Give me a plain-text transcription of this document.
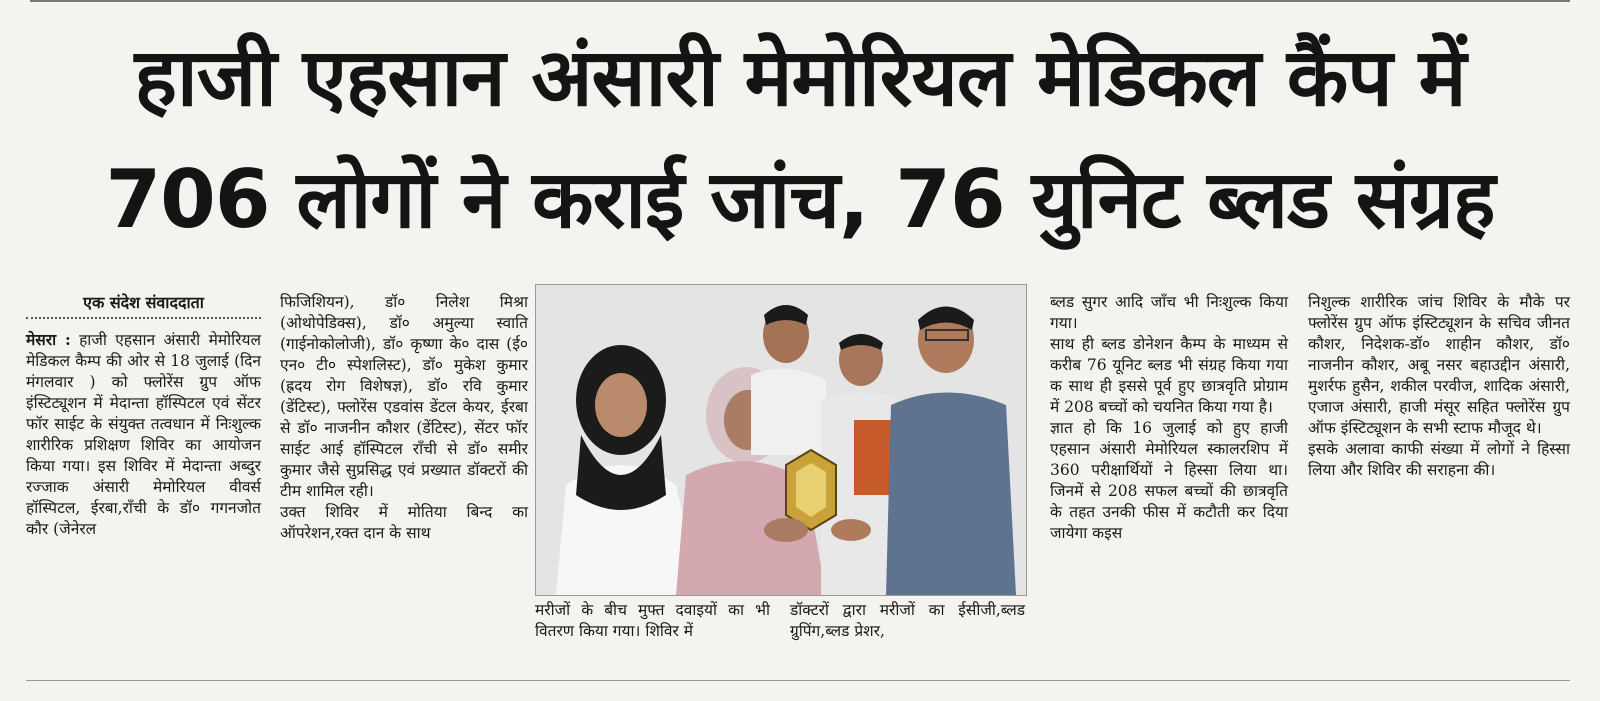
हाजी एहसान अंसारी मेमोरियल मेडिकल कैंप में
706 लोगों ने कराई जांच, 76 युनिट ब्लड संग्रह

एक संदेश संवाददाता

मेसरा : हाजी एहसान अंसारी मेमोरियल मेडिकल कैम्प की ओर से 18 जुलाई (दिन मंगलवार ) को फ्लोरेंस ग्रुप ऑफ इंस्टिट्यूशन में मेदान्ता हॉस्पिटल एवं सेंटर फॉर साईट के संयुक्त तत्वधान में निःशुल्क शारीरिक प्रशिक्षण शिविर का आयोजन किया गया। इस शिविर में मेदान्ता अब्दुर रज्जाक अंसारी मेमोरियल वीवर्स हॉस्पिटल, ईरबा,राँची के डॉ० गगनजोत कौर (जेनेरल

फिजिशियन), डॉ० निलेश मिश्रा (ओथोपेडिक्स), डॉ० अमुल्या स्वाति (गाईनोकोलोजी), डॉ० कृष्णा के० दास (ई० एन० टी० स्पेशलिस्ट), डॉ० मुकेश कुमार (ह्रदय रोग विशेषज्ञ), डॉ० रवि कुमार (डेंटिस्ट), फ्लोरेंस एडवांस डेंटल केयर, ईरबा से डॉ० नाजनीन कौशर (डेंटिस्ट), सेंटर फॉर साईट आई हॉस्पिटल राँची से डॉ० समीर कुमार जैसे सुप्रसिद्ध एवं प्रख्यात डॉक्टरों की टीम शामिल रही।

उक्त शिविर में मोतिया बिन्द का ऑपरेशन,रक्त दान के साथ

मरीजों के बीच मुफ्त दवाइयों का भी वितरण किया गया। शिविर में

डॉक्टरों द्वारा मरीजों का ईसीजी,ब्लड ग्रुपिंग,ब्लड प्रेशर,

ब्लड सुगर आदि जाँच भी निःशुल्क किया गया।

साथ ही ब्लड डोनेशन कैम्प के माध्यम से करीब 76 यूनिट ब्लड भी संग्रह किया गया क साथ ही इससे पूर्व हुए छात्रवृति प्रोग्राम में 208 बच्चों को चयनित किया गया है।

ज्ञात हो कि 16 जुलाई को हुए हाजी एहसान अंसारी मेमोरियल स्कालरशिप में 360 परीक्षार्थियों ने हिस्सा लिया था। जिनमें से 208 सफल बच्चों की छात्रवृति के तहत उनकी फीस में कटौती कर दिया जायेगा कइस

निशुल्क शारीरिक जांच शिविर के मौके पर फ्लोरेंस ग्रुप ऑफ इंस्टिट्यूशन के सचिव जीनत कौशर, निदेशक-डॉ० शाहीन कौशर, डॉ० नाजनीन कौशर, अबू नसर बहाउद्दीन अंसारी, मुशर्रफ हुसैन, शकील परवीज, शादिक अंसारी, एजाज अंसारी, हाजी मंसूर सहित फ्लोरेंस ग्रुप ऑफ इंस्टिट्यूशन के सभी स्टाफ मौजूद थे।

इसके अलावा काफी संख्या में लोगों ने हिस्सा लिया और शिविर की सराहना की।
